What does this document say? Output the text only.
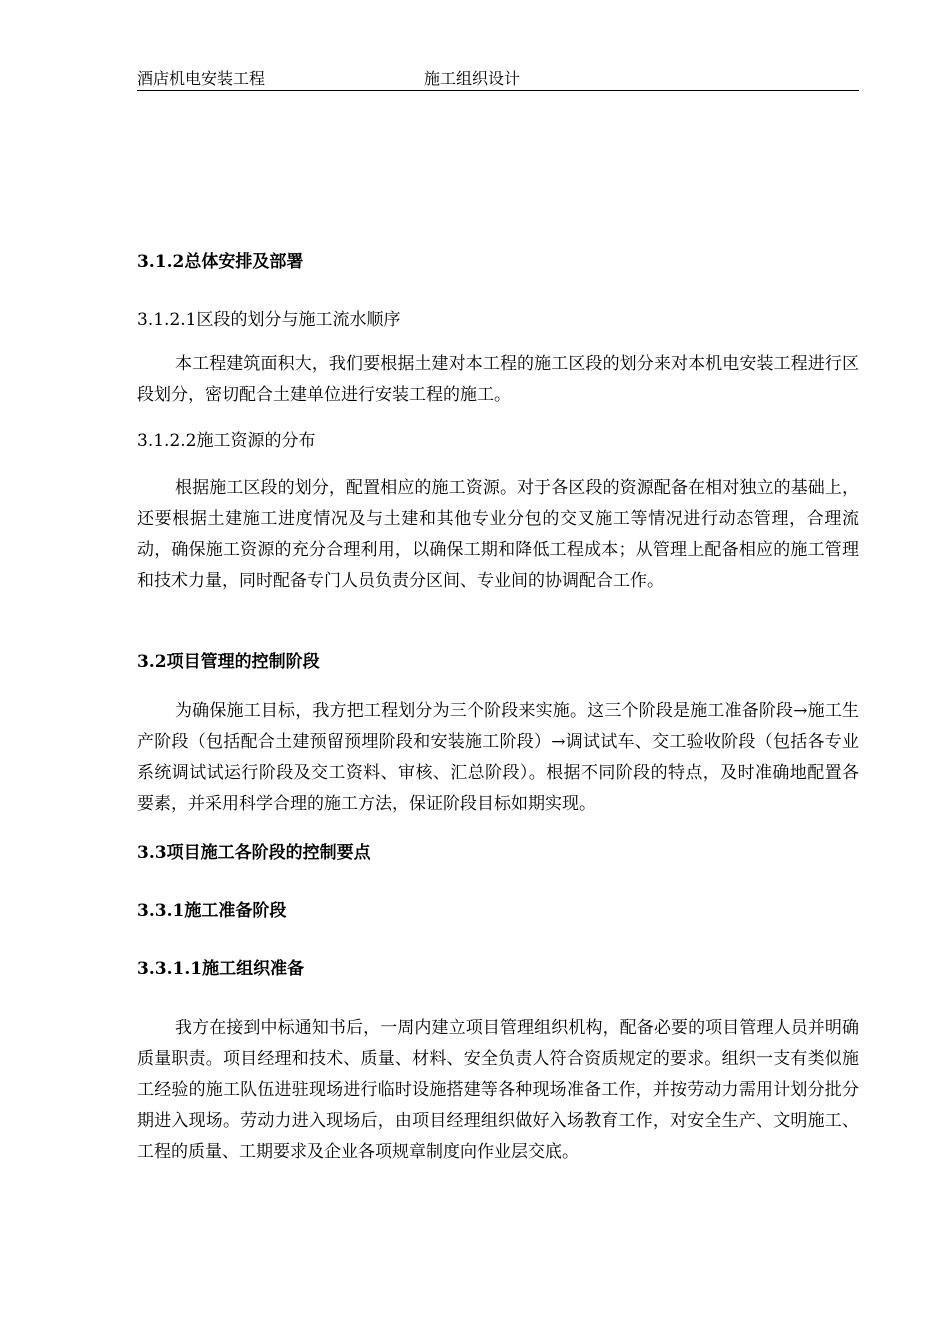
酒店机电安装工程	施工组织设计
3.1.2总体安排及部署
3.1.2.1区段的划分与施工流水顺序

本工程建筑面积大，我们要根据土建对本工程的施工区段的划分来对本机电安装工程进行区段划分，密切配合土建单位进行安装工程的施工。

3.1.2.2施工资源的分布

根据施工区段的划分，配置相应的施工资源。对于各区段的资源配备在相对独立的基础上，还要根据土建施工进度情况及与土建和其他专业分包的交叉施工等情况进行动态管理，合理流动，确保施工资源的充分合理利用，以确保工期和降低工程成本；从管理上配备相应的施工管理和技术力量，同时配备专门人员负责分区间、专业间的协调配合工作。

3.2项目管理的控制阶段

为确保施工目标，我方把工程划分为三个阶段来实施。这三个阶段是施工准备阶段→施工生产阶段（包括配合土建预留预埋阶段和安装施工阶段）→调试试车、交工验收阶段（包括各专业系统调试试运行阶段及交工资料、审核、汇总阶段）。根据不同阶段的特点，及时准确地配置各要素，并采用科学合理的施工方法，保证阶段目标如期实现。

3.3项目施工各阶段的控制要点
3.3.1施工准备阶段
3.3.1.1施工组织准备

我方在接到中标通知书后，一周内建立项目管理组织机构，配备必要的项目管理人员并明确质量职责。项目经理和技术、质量、材料、安全负责人符合资质规定的要求。组织一支有类似施工经验的施工队伍进驻现场进行临时设施搭建等各种现场准备工作，并按劳动力需用计划分批分期进入现场。劳动力进入现场后，由项目经理组织做好入场教育工作，对安全生产、文明施工、工程的质量、工期要求及企业各项规章制度向作业层交底。
